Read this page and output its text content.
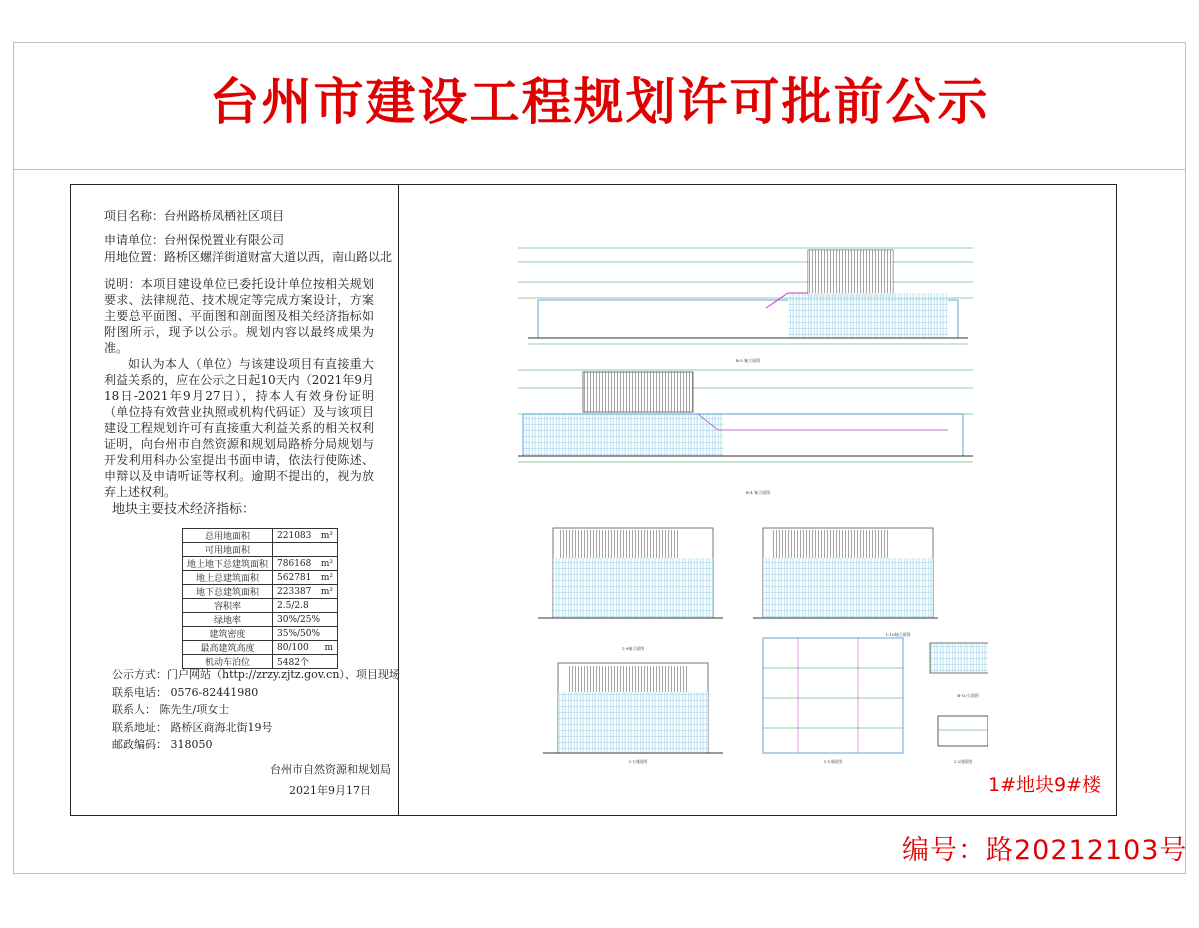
台州市建设工程规划许可批前公示
项目名称：台州路桥凤栖社区项目
申请单位：台州保悦置业有限公司
用地位置：路桥区螺洋街道财富大道以西，南山路以北

说明：本项目建设单位已委托设计单位按相关规划要求、法律规范、技术规定等完成方案设计，方案主要总平面图、平面图和剖面图及相关经济指标如附图所示，现予以公示。规划内容以最终成果为准。

如认为本人（单位）与该建设项目有直接重大利益关系的，应在公示之日起10天内（2021年9月18日-2021年9月27日），持本人有效身份证明（单位持有效营业执照或机构代码证）及与该项目建设工程规划许可有直接重大利益关系的相关权利证明，向台州市自然资源和规划局路桥分局规划与开发利用科办公室提出书面申请，依法行使陈述、申辩以及申请听证等权利。逾期不提出的，视为放弃上述权利。

地块主要技术经济指标：
总用地面积	221083 m²

可用地面积	

地上地下总建筑面积	786168 m²

地上总建筑面积	562781 m²

地下总建筑面积	223387 m²

容积率	2.5/2.8

绿地率	30%/25%

建筑密度	35%/50%

最高建筑高度	80/100 m

机动车泊位	5482个
公示方式：门户网站（http://zrzy.zjtz.gov.cn）、项目现场
联系电话： 0576-82441980
联系人： 陈先生/项女士
联系地址： 路桥区商海北街19号
邮政编码： 318050
台州市自然资源和规划局
2021年9月17日
B-5 轴立面图
B-4 轴立面图
1-9轴立面图
1-10轴立面图
B-10立面图
1-1剖面图	1-1剖面图	2-2剖面图
1#地块9#楼
编号：路20212103号
